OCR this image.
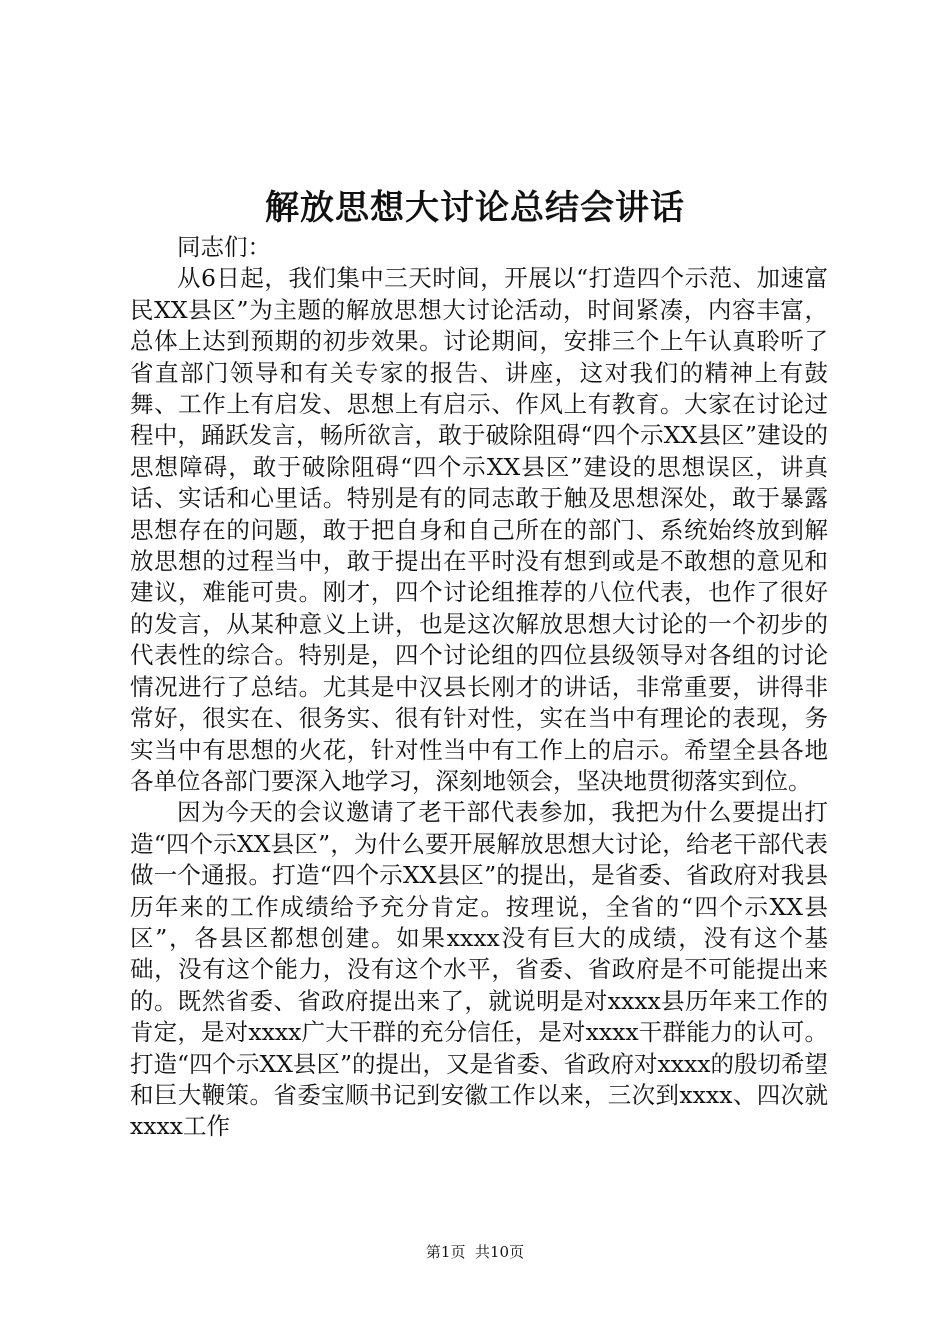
解放思想大讨论总结会讲话

同志们：

从6日起，我们集中三天时间，开展以“打造四个示范、加速富民XX县区”为主题的解放思想大讨论活动，时间紧凑，内容丰富，总体上达到预期的初步效果。讨论期间，安排三个上午认真聆听了省直部门领导和有关专家的报告、讲座，这对我们的精神上有鼓舞、工作上有启发、思想上有启示、作风上有教育。大家在讨论过程中，踊跃发言，畅所欲言，敢于破除阻碍“四个示XX县区”建设的思想障碍，敢于破除阻碍“四个示XX县区”建设的思想误区，讲真话、实话和心里话。特别是有的同志敢于触及思想深处，敢于暴露思想存在的问题，敢于把自身和自己所在的部门、系统始终放到解放思想的过程当中，敢于提出在平时没有想到或是不敢想的意见和建议，难能可贵。刚才，四个讨论组推荐的八位代表，也作了很好的发言，从某种意义上讲，也是这次解放思想大讨论的一个初步的代表性的综合。特别是，四个讨论组的四位县级领导对各组的讨论情况进行了总结。尤其是中汉县长刚才的讲话，非常重要，讲得非常好，很实在、很务实、很有针对性，实在当中有理论的表现，务实当中有思想的火花，针对性当中有工作上的启示。希望全县各地各单位各部门要深入地学习，深刻地领会，坚决地贯彻落实到位。

因为今天的会议邀请了老干部代表参加，我把为什么要提出打造“四个示XX县区”，为什么要开展解放思想大讨论，给老干部代表做一个通报。打造“四个示XX县区”的提出，是省委、省政府对我县历年来的工作成绩给予充分肯定。按理说，全省的“四个示XX县区”，各县区都想创建。如果xxxx没有巨大的成绩，没有这个基础，没有这个能力，没有这个水平，省委、省政府是不可能提出来的。既然省委、省政府提出来了，就说明是对xxxx县历年来工作的肯定，是对xxxx广大干群的充分信任，是对xxxx干群能力的认可。打造“四个示XX县区”的提出，又是省委、省政府对xxxx的殷切希望和巨大鞭策。省委宝顺书记到安徽工作以来，三次到xxxx、四次就xxxx工作

第1页 共10页
